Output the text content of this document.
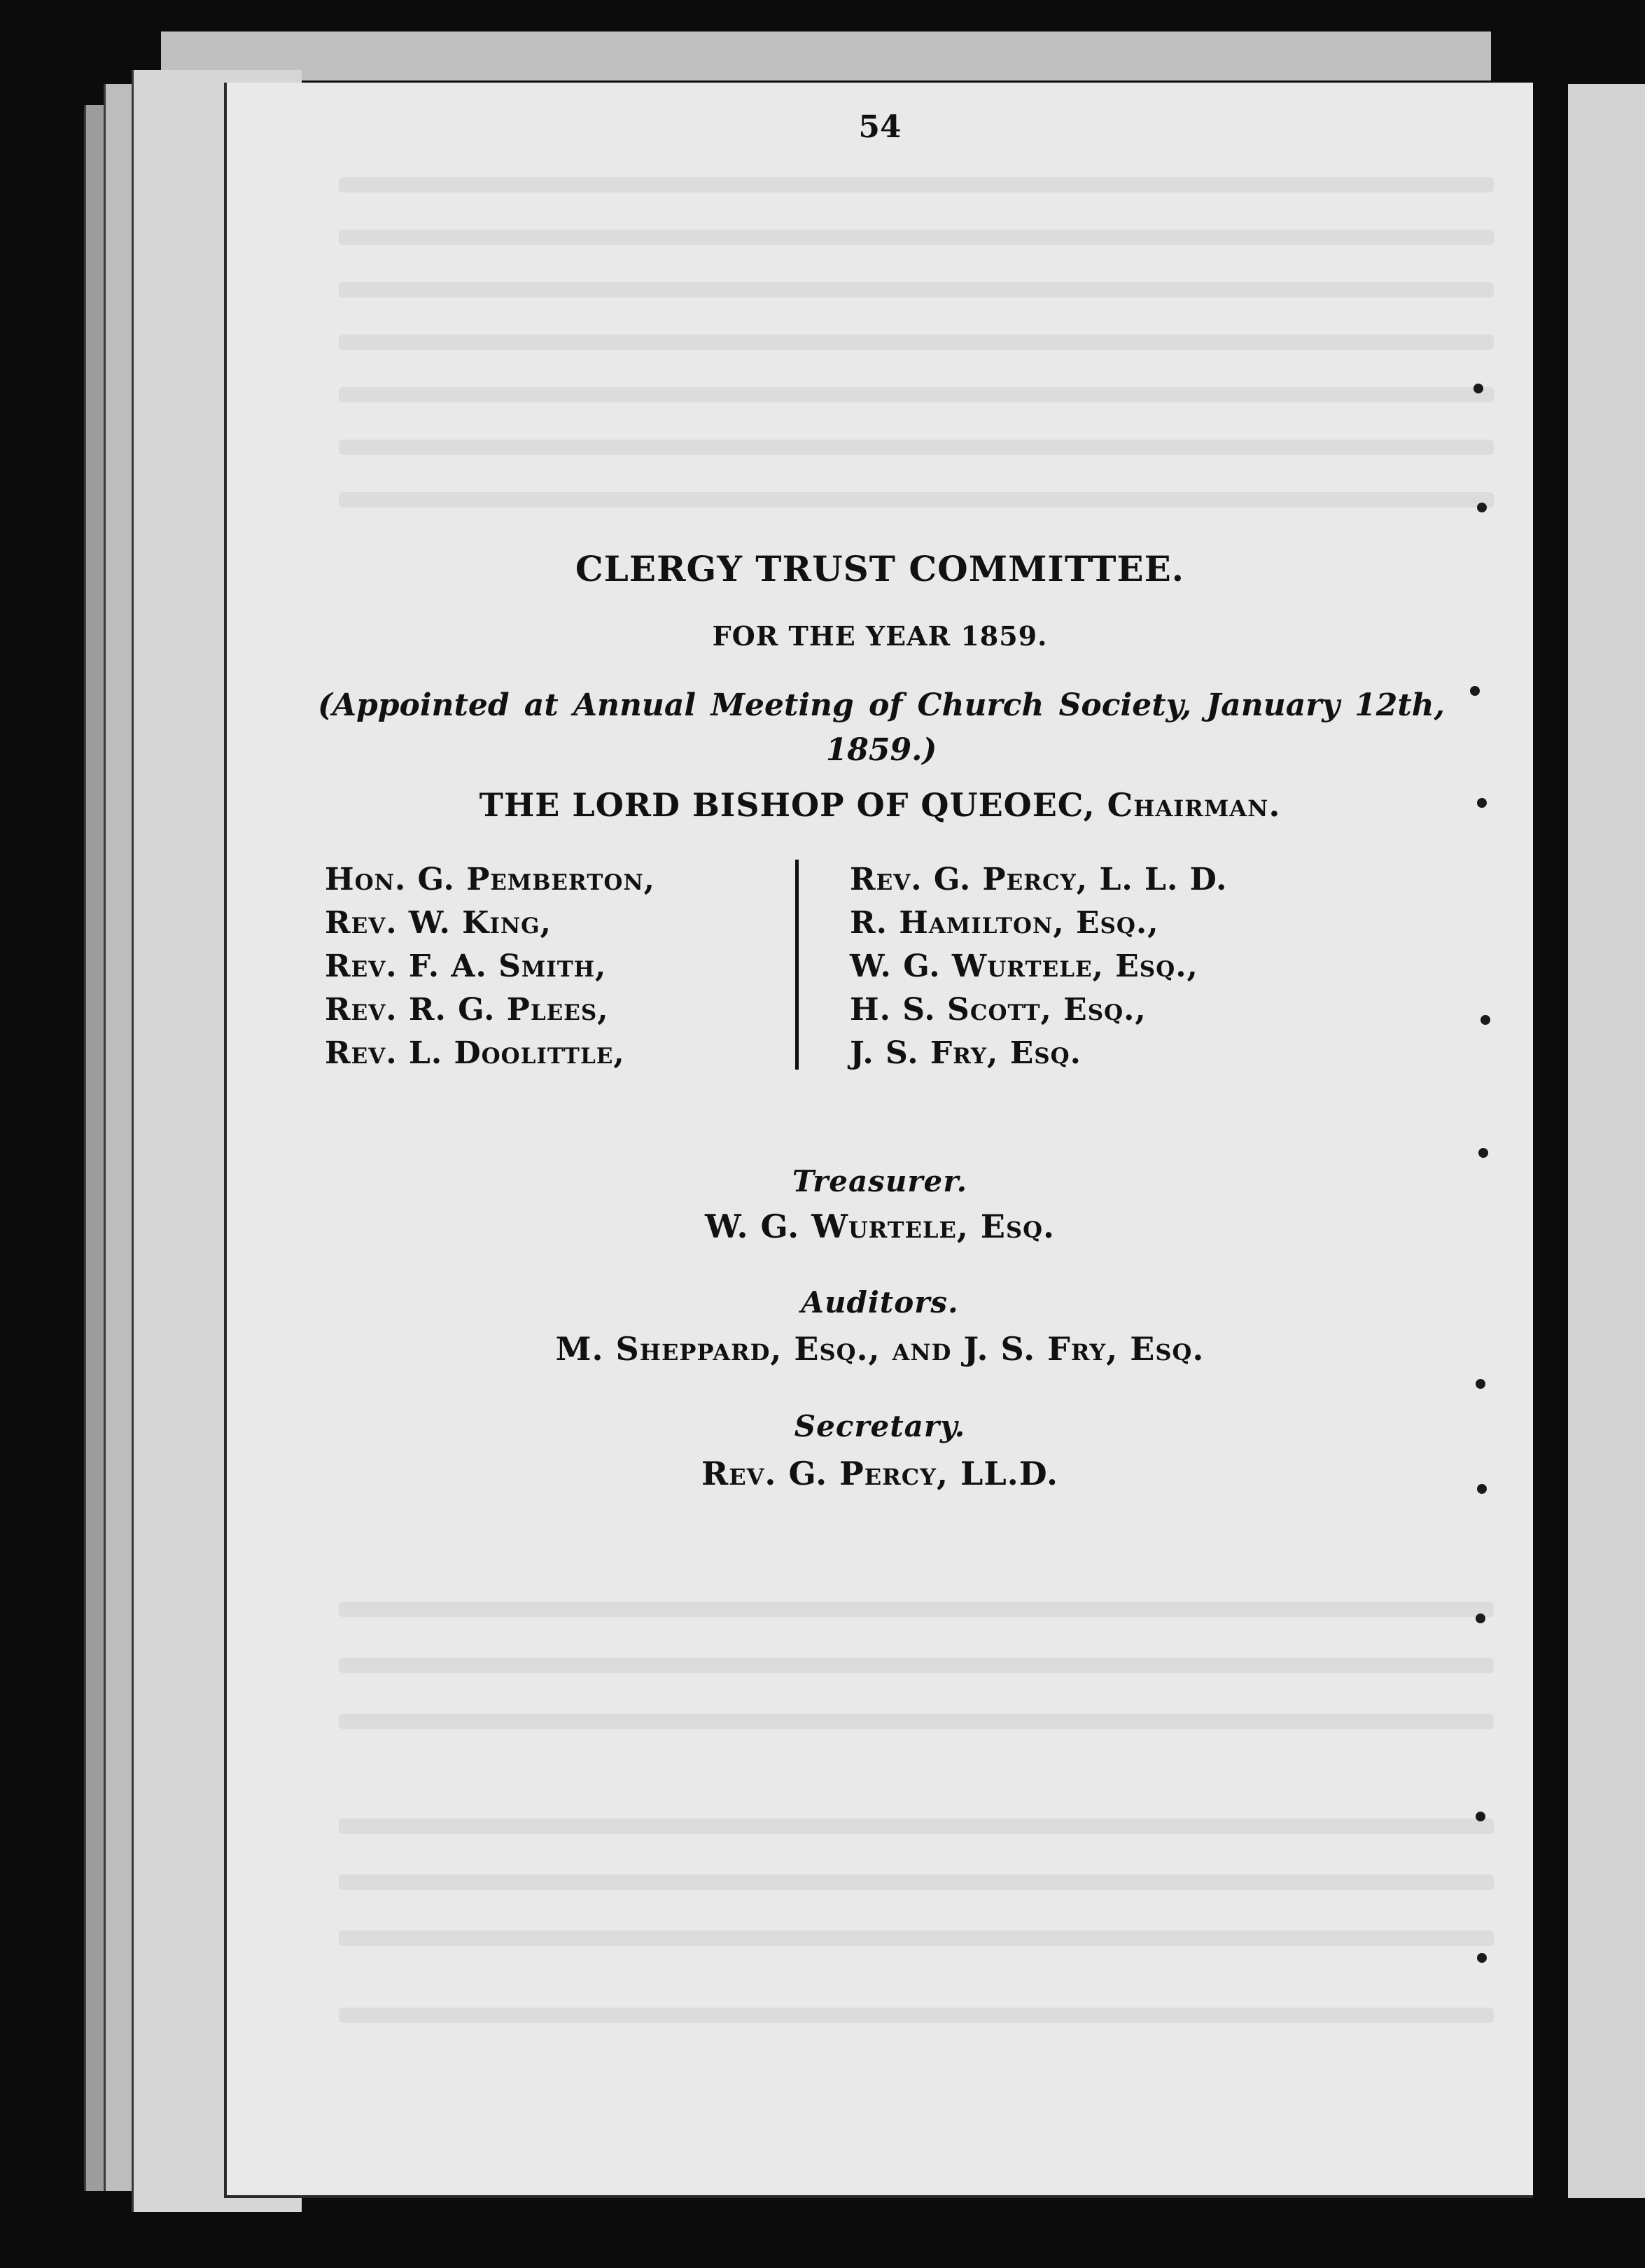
54
CLERGY TRUST COMMITTEE.
FOR THE YEAR 1859.
(Appointed at Annual Meeting of Church Society, January 12th, 1859.)
THE LORD BISHOP OF QUEOEC, Chairman.
Hon. G. Pemberton,
Rev. W. King,
Rev. F. A. Smith,
Rev. R. G. Plees,
Rev. L. Doolittle,
Rev. G. Percy, L. L. D.
R. Hamilton, Esq.,
W. G. Wurtele, Esq.,
H. S. Scott, Esq.,
J. S. Fry, Esq.
Treasurer.
W. G. Wurtele, Esq.
Auditors.
M. Sheppard, Esq., and J. S. Fry, Esq.
Secretary.
Rev. G. Percy, LL.D.
